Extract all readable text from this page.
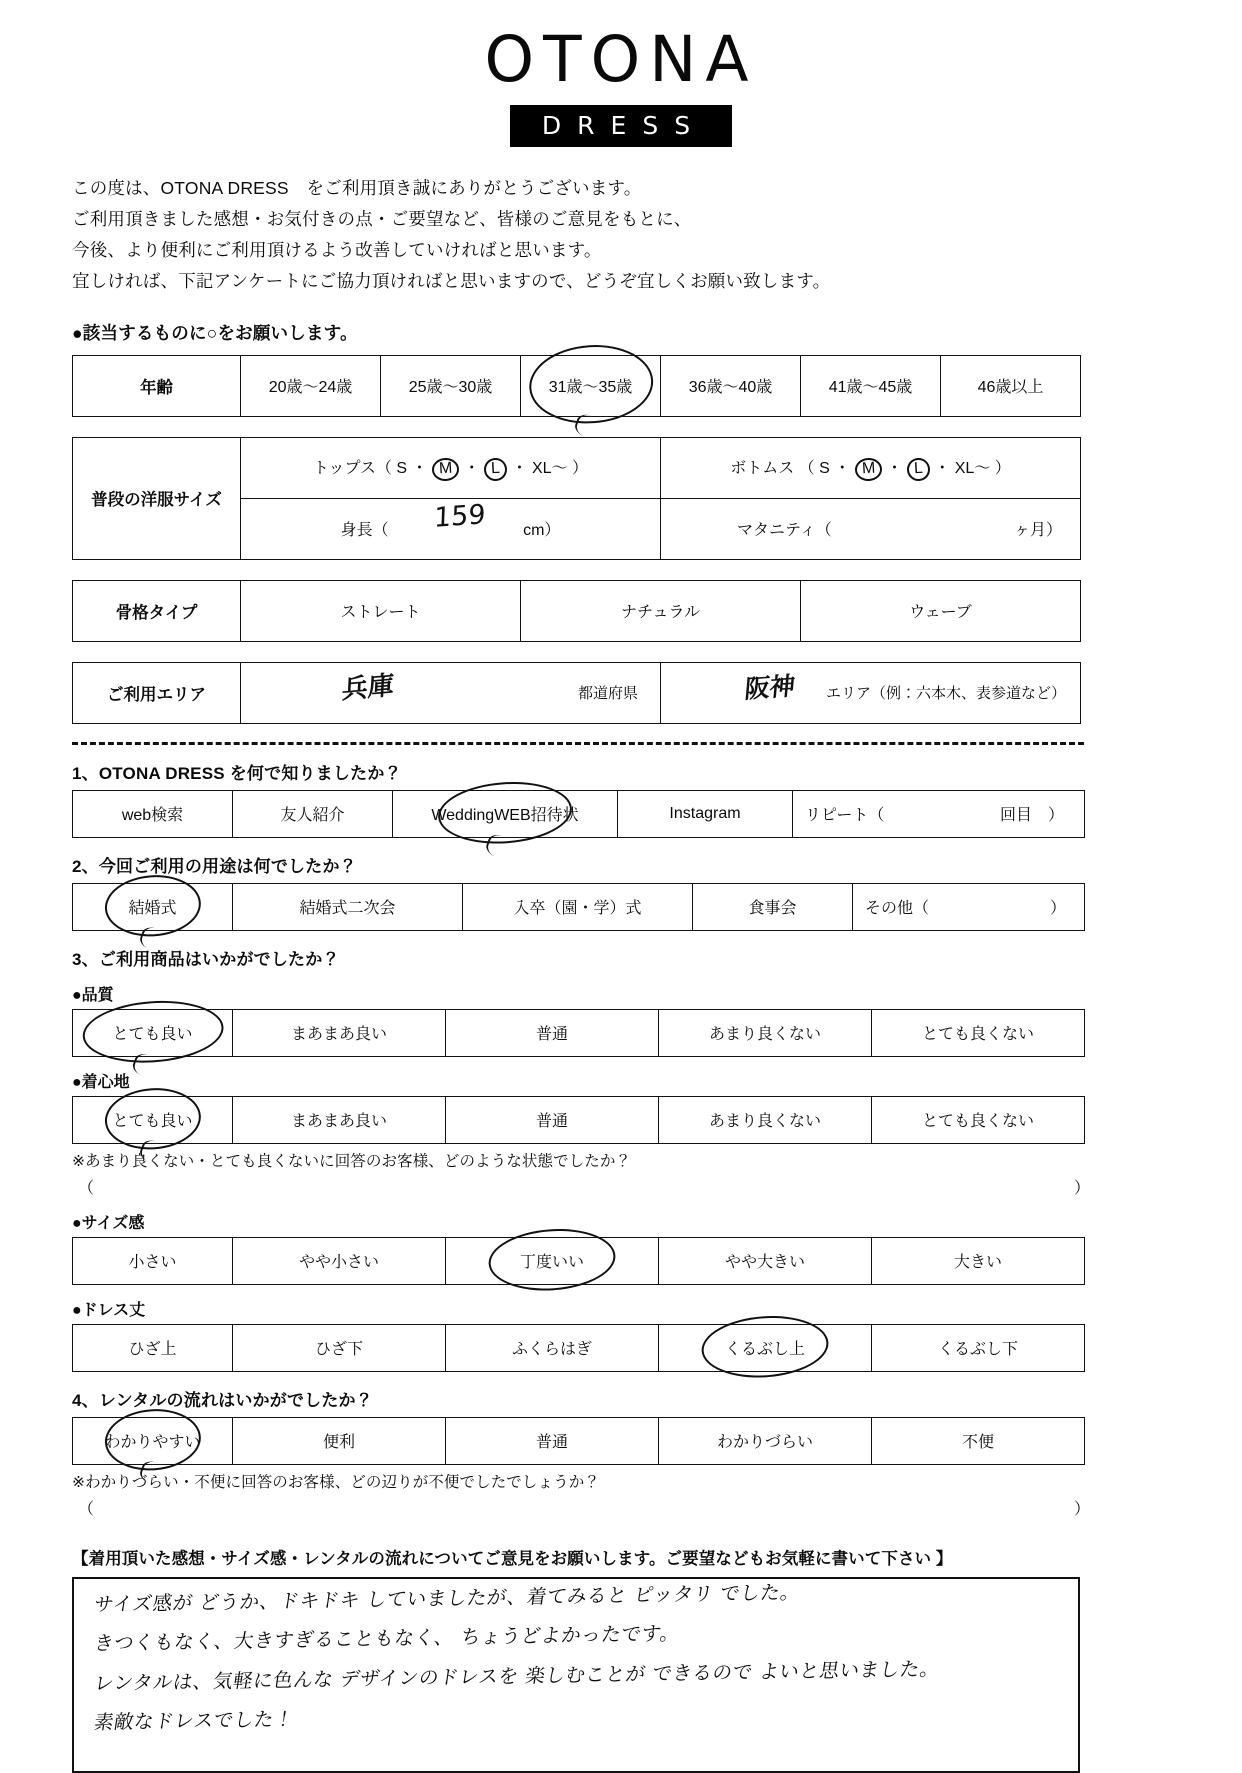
OTONA
DRESS
この度は、OTONA DRESS　をご利用頂き誠にありがとうございます。
ご利用頂きました感想・お気付きの点・ご要望など、皆様のご意見をもとに、
今後、より便利にご利用頂けるよう改善していければと思います。
宜しければ、下記アンケートにご協力頂ければと思いますので、どうぞ宜しくお願い致します。
●該当するものに○をお願いします。
年齢	20歳〜24歳	25歳〜30歳	31歳〜35歳	36歳〜40歳	41歳〜45歳	46歳以上
普段の洋服サイズ	トップス（ S ・ M ・ L ・ XL〜 ）	ボトムス （ S ・ M ・ L ・ XL〜 ）
	身長（ 159 cm）	マタニティ（ ヶ月）
骨格タイプ	ストレート	ナチュラル	ウェーブ
ご利用エリア	兵庫	都道府県	阪神 エリア（例：六本木、表参道など）
1、OTONA DRESS を何で知りましたか？
web検索	友人紹介	WeddingWEB招待状	Instagram	リピート（	回目　）
2、今回ご利用の用途は何でしたか？
結婚式	結婚式二次会	入卒（園・学）式	食事会	その他（	）
3、ご利用商品はいかがでしたか？
●品質
とても良い	まあまあ良い	普通	あまり良くない	とても良くない
●着心地
とても良い	まあまあ良い	普通	あまり良くない	とても良くない
※あまり良くない・とても良くないに回答のお客様、どのような状態でしたか？
（	）
●サイズ感
小さい	やや小さい	丁度いい	やや大きい	大きい
●ドレス丈
ひざ上	ひざ下	ふくらはぎ	くるぶし上	くるぶし下
4、レンタルの流れはいかがでしたか？
わかりやすい	便利	普通	わかりづらい	不便
※わかりづらい・不便に回答のお客様、どの辺りが不便でしたでしょうか？
（	）
【着用頂いた感想・サイズ感・レンタルの流れについてご意見をお願いします。ご要望などもお気軽に書いて下さい 】
サイズ感が どうか、ドキドキ していましたが、着てみると ピッタリ でした。
きつくもなく、大きすぎることもなく、 ちょうどよかったです。
レンタルは、気軽に色んな デザインのドレスを 楽しむことが できるので よいと思いました。
素敵なドレスでした！
